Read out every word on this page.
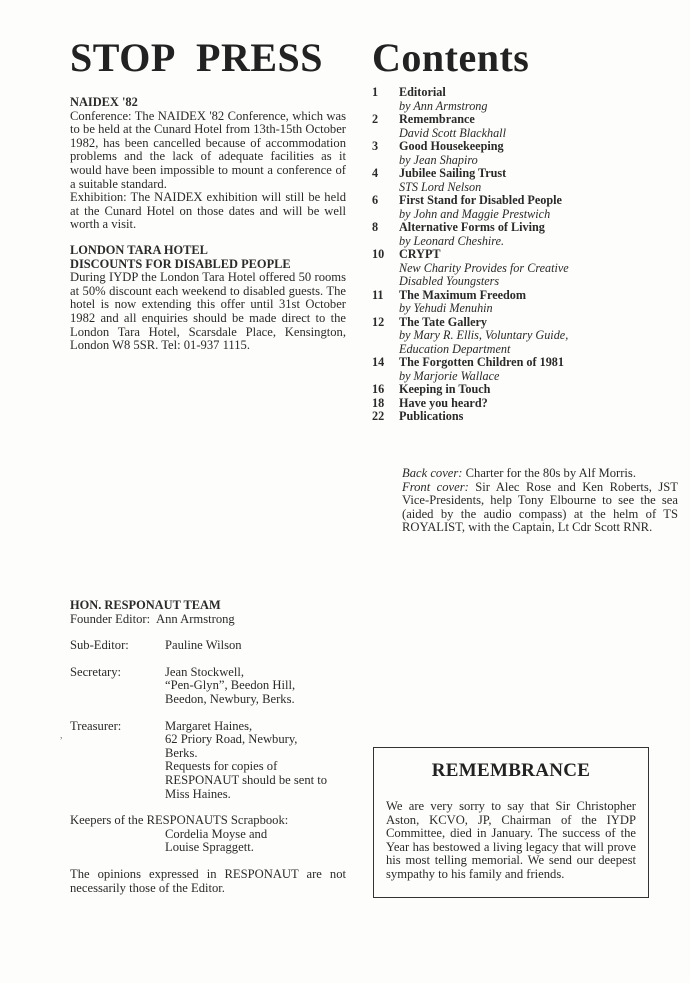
STOP PRESS
NAIDEX '82

Conference: The NAIDEX '82 Conference, which was to be held at the Cunard Hotel from 13th-15th October 1982, has been cancelled because of accommodation problems and the lack of adequate facilities as it would have been impossible to mount a conference of a suitable standard.

Exhibition: The NAIDEX exhibition will still be held at the Cunard Hotel on those dates and will be well worth a visit.

LONDON TARA HOTEL
DISCOUNTS FOR DISABLED PEOPLE

During IYDP the London Tara Hotel offered 50 rooms at 50% discount each weekend to disabled guests. The hotel is now extending this offer until 31st October 1982 and all enquiries should be made direct to the London Tara Hotel, Scarsdale Place, Kensington, London W8 5SR. Tel: 01-937 1115.

Contents
1	Editorial
by Ann Armstrong
2	Remembrance
David Scott Blackhall
3	Good Housekeeping
by Jean Shapiro
4	Jubilee Sailing Trust
STS Lord Nelson
6	First Stand for Disabled People
by John and Maggie Prestwich
8	Alternative Forms of Living
by Leonard Cheshire.
10	CRYPT
New Charity Provides for Creative
Disabled Youngsters
11	The Maximum Freedom
by Yehudi Menuhin
12	The Tate Gallery
by Mary R. Ellis, Voluntary Guide,
Education Department
14	The Forgotten Children of 1981
by Marjorie Wallace
16	Keeping in Touch
18	Have you heard?
22	Publications

Back cover: Charter for the 80s by Alf Morris.

Front cover: Sir Alec Rose and Ken Roberts, JST Vice-Presidents, help Tony Elbourne to see the sea (aided by the audio compass) at the helm of TS ROYALIST, with the Captain, Lt Cdr Scott RNR.

HON. RESPONAUT TEAM
Founder Editor: Ann Armstrong
Sub-Editor:	Pauline Wilson
Secretary:	Jean Stockwell,
“Pen-Glyn”, Beedon Hill,
Beedon, Newbury, Berks.
Treasurer:	Margaret Haines,
62 Priory Road, Newbury,
Berks.
Requests for copies of
RESPONAUT should be sent to
Miss Haines.
Keepers of the RESPONAUTS Scrapbook:
Cordelia Moyse and
Louise Spraggett.
The opinions expressed in RESPONAUT are not necessarily those of the Editor.
,
REMEMBRANCE

We are very sorry to say that Sir Christopher Aston, KCVO, JP, Chairman of the IYDP Committee, died in January. The success of the Year has bestowed a living legacy that will prove his most telling memorial. We send our deepest sympathy to his family and friends.
